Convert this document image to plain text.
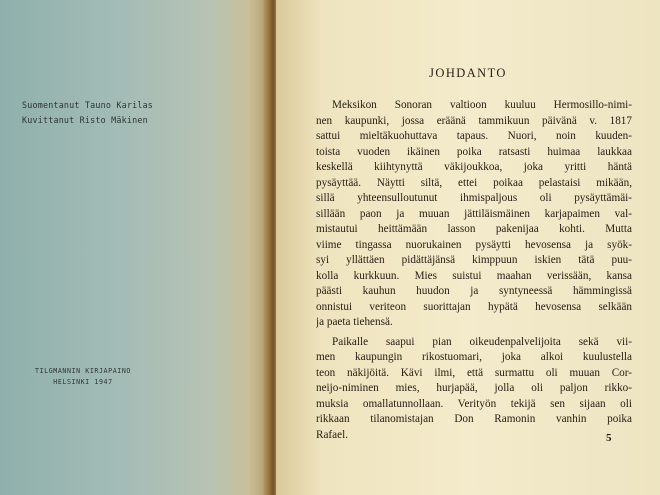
Suomentanut Tauno Karilas
Kuvittanut Risto Mäkinen
TILGMANNIN KIRJAPAINO
HELSINKI 1947
JOHDANTO
Meksikon Sonoran valtioon kuuluu Hermosillo-nimi-
nen kaupunki, jossa eräänä tammikuun päivänä v. 1817
sattui mieltäkuohuttava tapaus. Nuori, noin kuuden-
toista vuoden ikäinen poika ratsasti huimaa laukkaa
keskellä kiihtynyttä väkijoukkoa, joka yritti häntä
pysäyttää. Näytti siltä, ettei poikaa pelastaisi mikään,
sillä yhteensulloutunut ihmispaljous oli pysäyttämäi-
sillään paon ja muuan jättiläismäinen karjapaimen val-
mistautui heittämään lasson pakenijaa kohti. Mutta
viime tingassa nuorukainen pysäytti hevosensa ja syök-
syi yllättäen pidättäjänsä kimppuun iskien tätä puu-
kolla kurkkuun. Mies suistui maahan verissään, kansa
päästi kauhun huudon ja syntyneessä hämmingissä
onnistui veriteon suorittajan hypätä hevosensa selkään
ja paeta tiehensä.
Paikalle saapui pian oikeudenpalvelijoita sekä vii-
men kaupungin rikostuomari, joka alkoi kuulustella
teon näkijöitä. Kävi ilmi, että surmattu oli muuan Cor-
neijo-niminen mies, hurjapää, jolla oli paljon rikko-
muksia omallatunnollaan. Verityön tekijä sen sijaan oli
rikkaan tilanomistajan Don Ramonin vanhin poika
Rafael.	5
